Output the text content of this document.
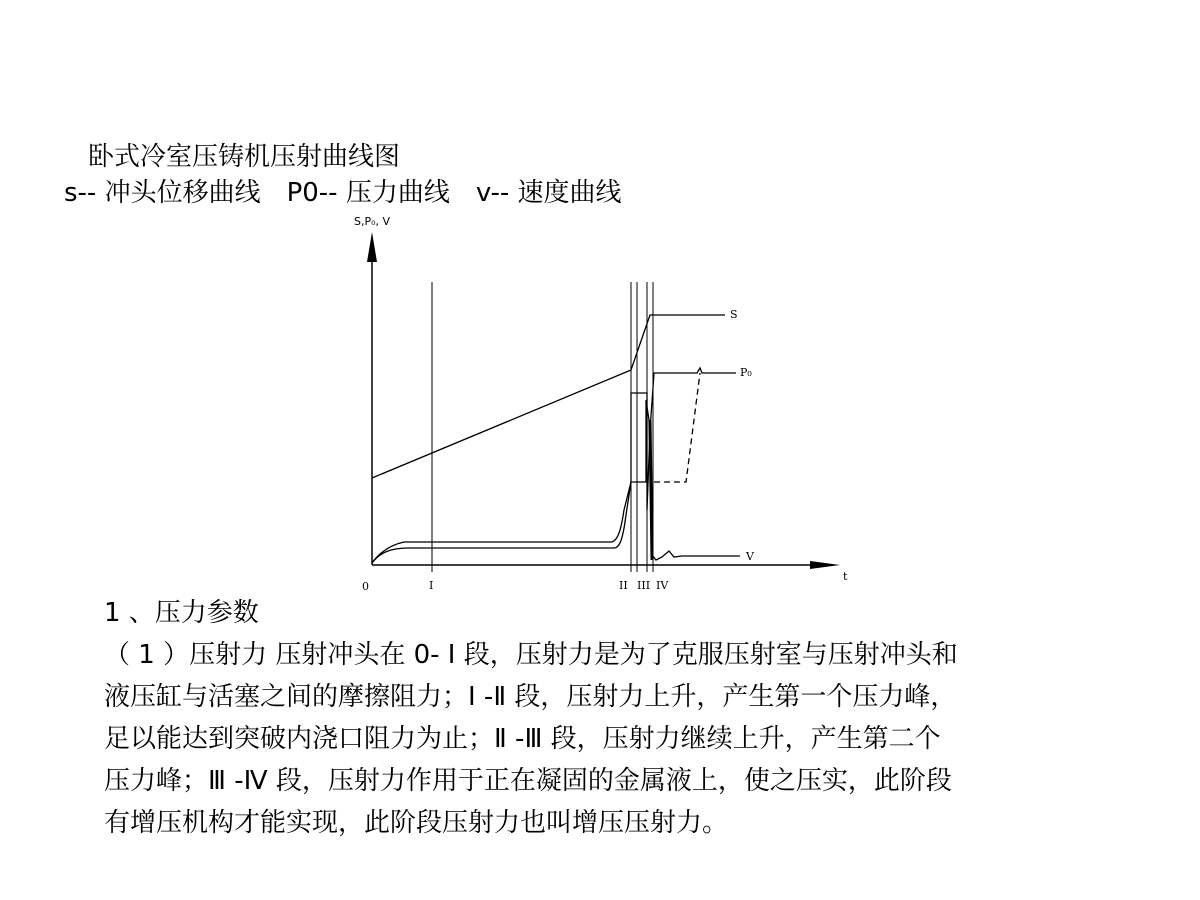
卧式冷室压铸机压射曲线图
s-- 冲头位移曲线 P0-- 压力曲线 v-- 速度曲线
S,P₀, V
t
0	I	II III IV
S
P₀
V
1 、压力参数
（ 1 ）压射力 压射冲头在 0- Ⅰ 段，压射力是为了克服压射室与压射冲头和
液压缸与活塞之间的摩擦阻力；Ⅰ -Ⅱ 段，压射力上升，产生第一个压力峰，
足以能达到突破内浇口阻力为止；Ⅱ -Ⅲ 段，压射力继续上升，产生第二个
压力峰；Ⅲ -Ⅳ 段，压射力作用于正在凝固的金属液上，使之压实，此阶段
有增压机构才能实现，此阶段压射力也叫增压压射力。
